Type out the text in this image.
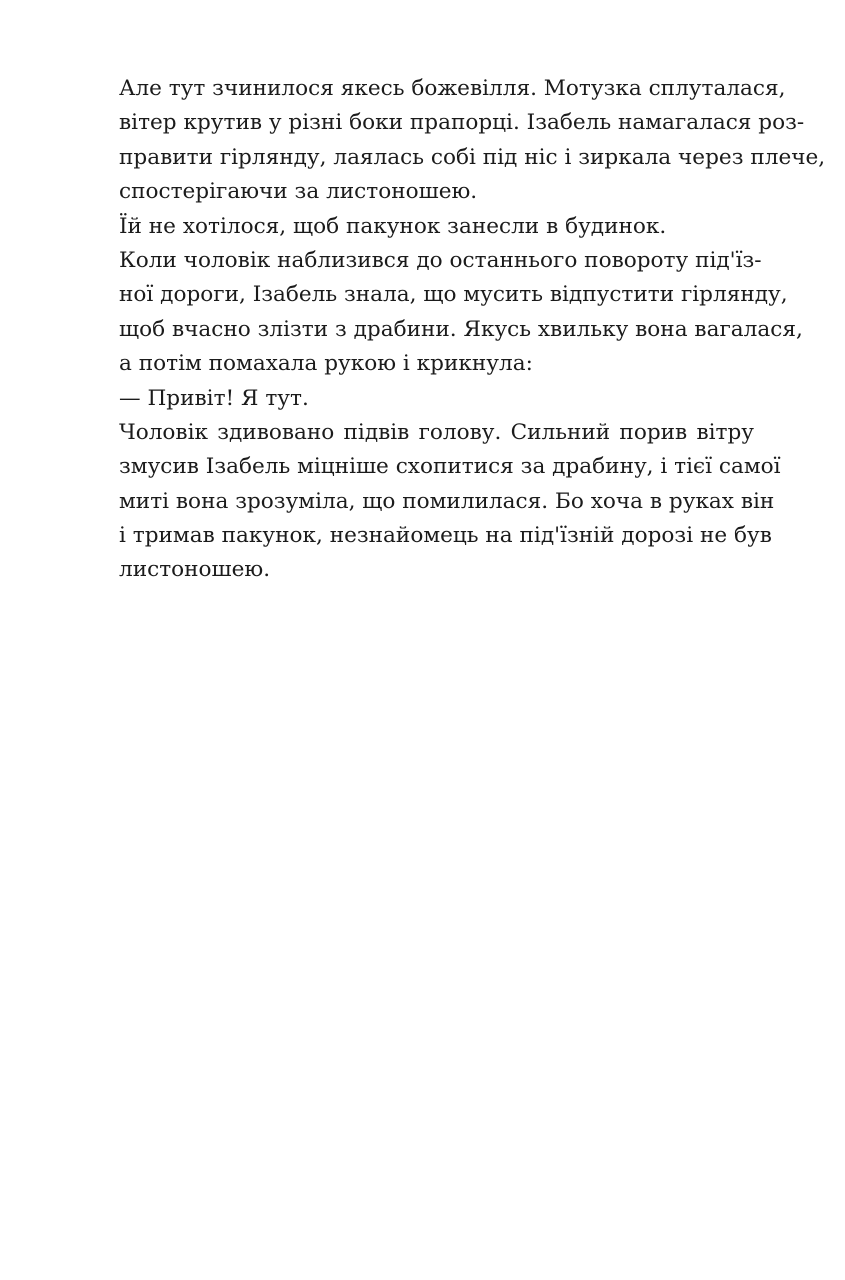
Але тут зчинилося якесь божевілля. Мотузка сплуталася,
вітер крутив у різні боки прапорці. Ізабель намагалася роз-
правити гірлянду, лаялась собі під ніс і зиркала через плече,
спостерігаючи за листоношею.
Їй не хотілося, щоб пакунок занесли в будинок.
Коли чоловік наблизився до останнього повороту під'їз-
ної дороги, Ізабель знала, що мусить відпустити гірлянду,
щоб вчасно злізти з драбини. Якусь хвильку вона вагалася,
а потім помахала рукою і крикнула:
— Привіт! Я тут.
Чоловік здивовано підвів голову. Сильний порив вітру
змусив Ізабель міцніше схопитися за драбину, і тієї самої
миті вона зрозуміла, що помилилася. Бо хоча в руках він
і тримав пакунок, незнайомець на під'їзній дорозі не був
листоношею.
